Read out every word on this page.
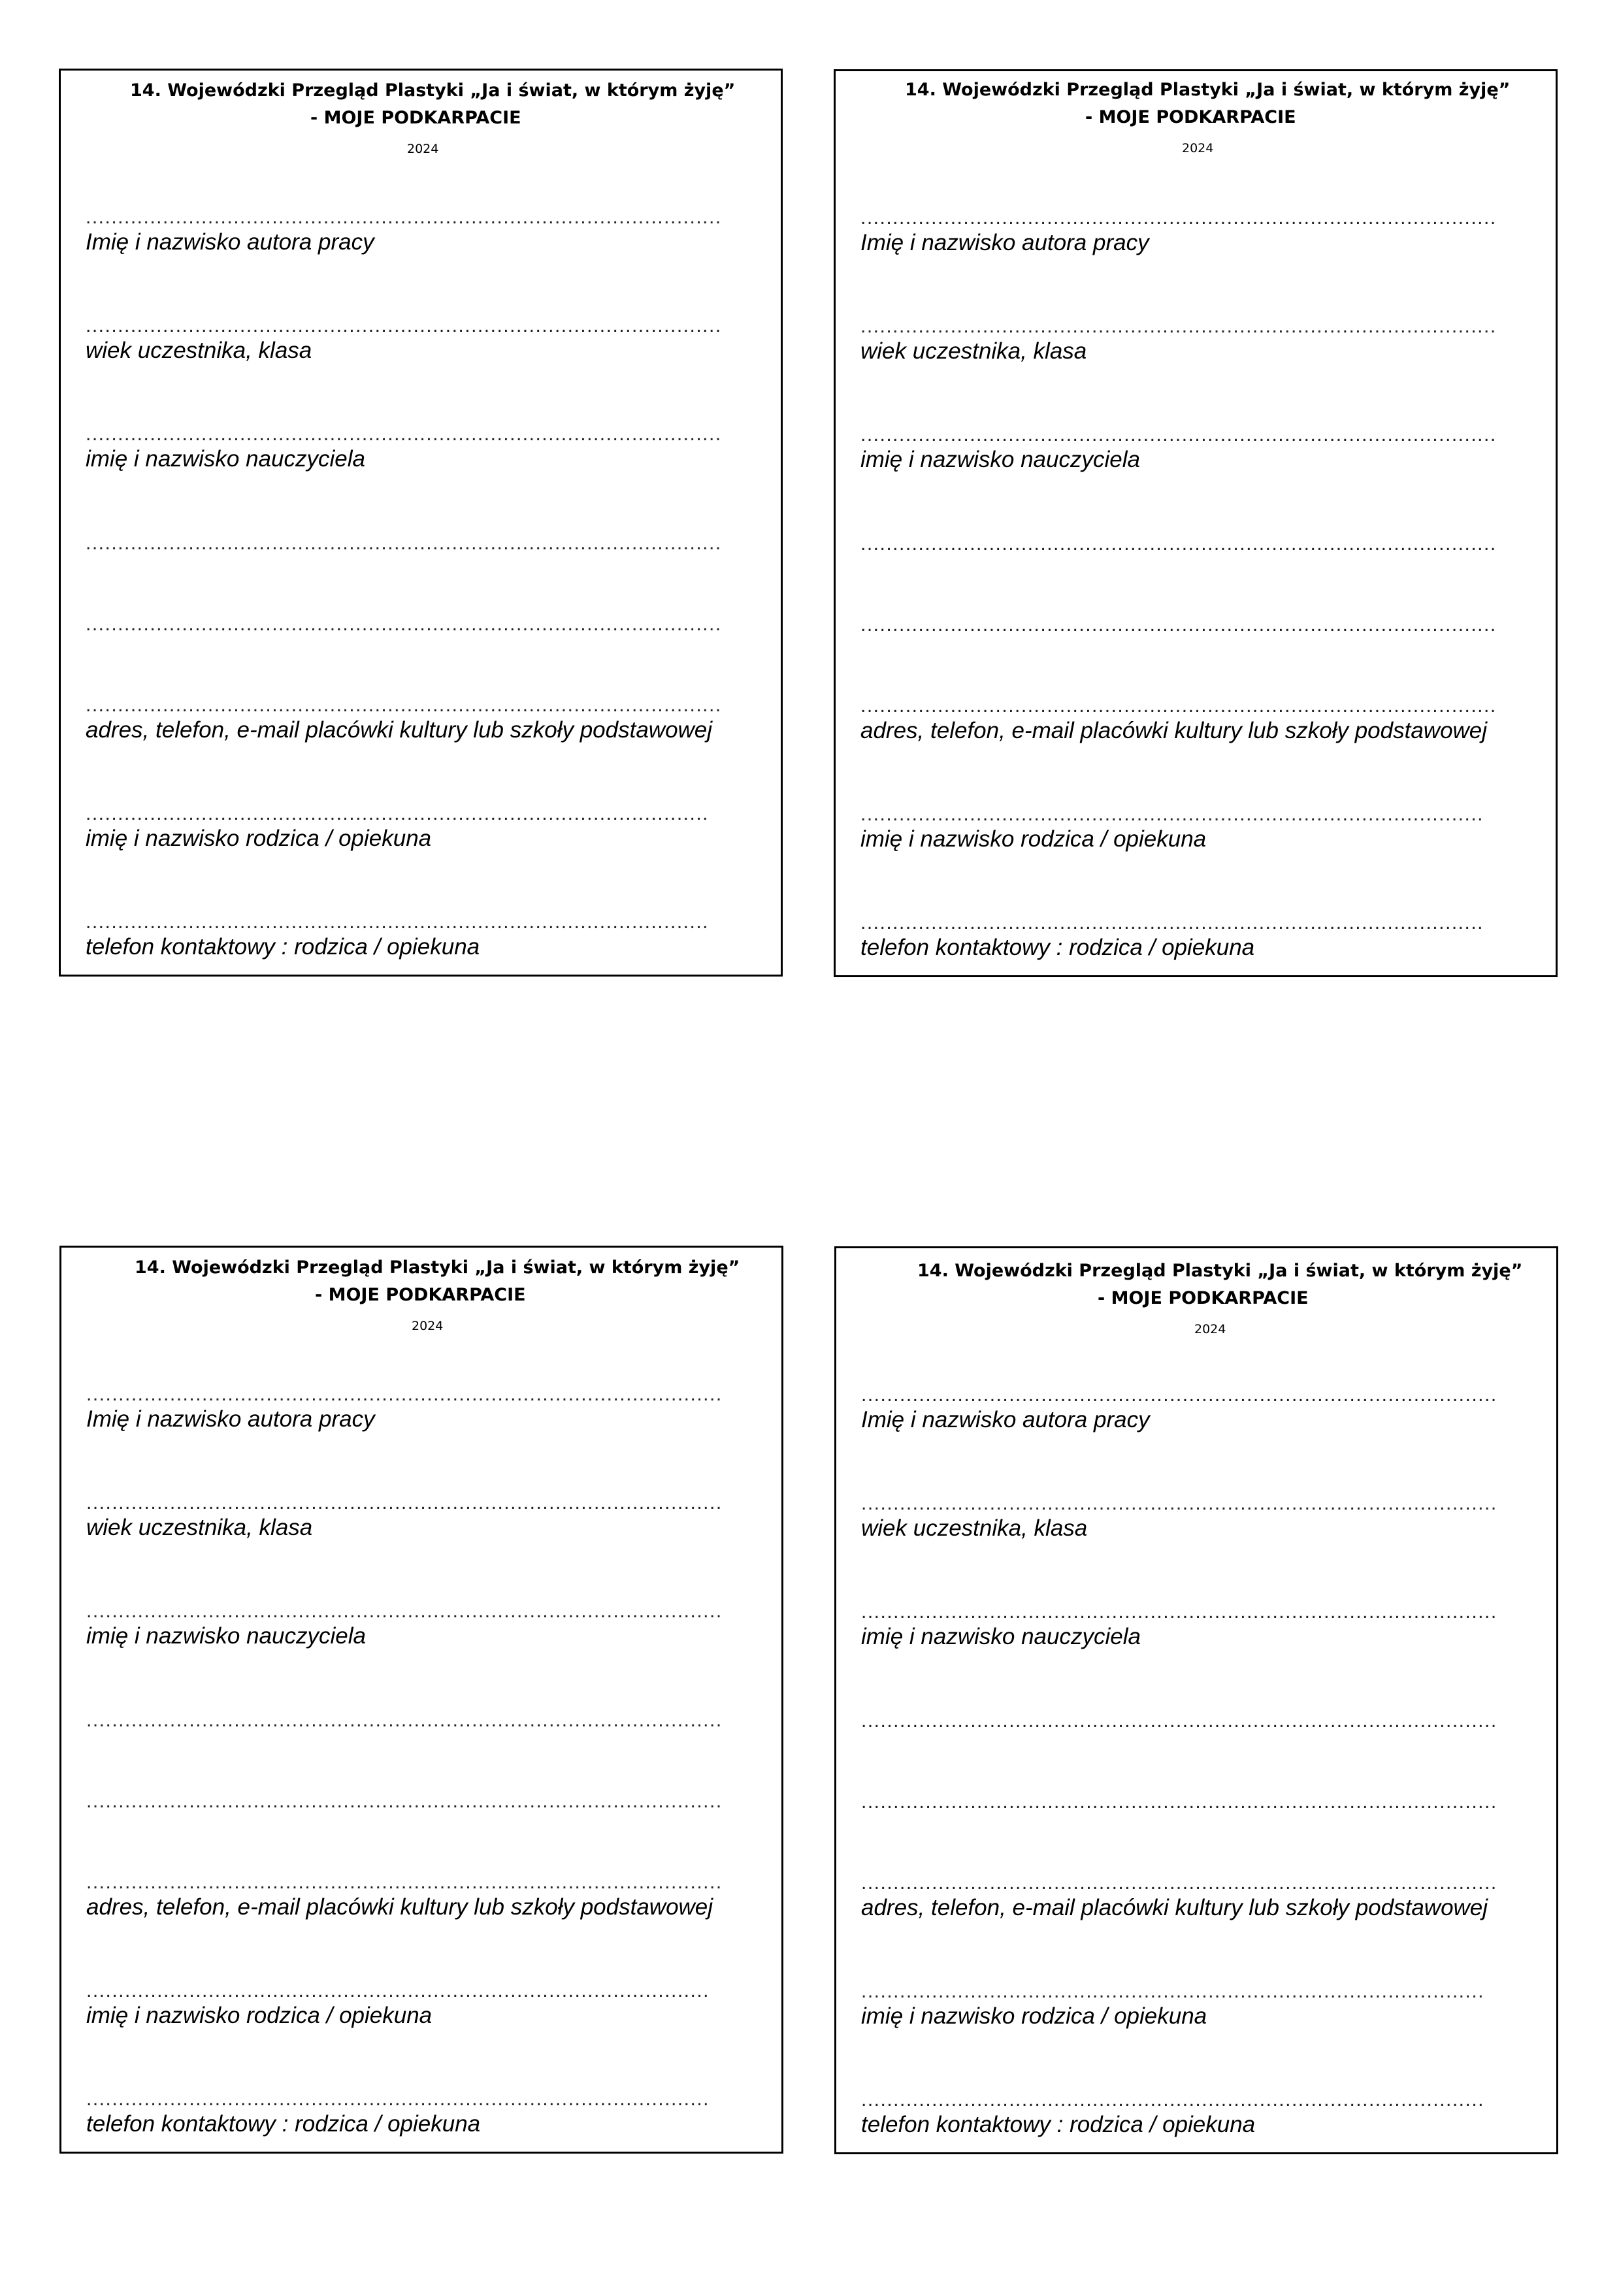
14. Wojewódzki Przegląd Plastyki „Ja i świat, w którym żyję”
- MOJE PODKARPACIE
2024
...................................................................................................
Imię i nazwisko autora pracy
...................................................................................................
wiek uczestnika, klasa
...................................................................................................
imię i nazwisko nauczyciela
...................................................................................................
...................................................................................................
...................................................................................................
adres, telefon, e-mail placówki kultury lub szkoły podstawowej
.................................................................................................
imię i nazwisko rodzica / opiekuna
.................................................................................................
telefon kontaktowy : rodzica / opiekuna
14. Wojewódzki Przegląd Plastyki „Ja i świat, w którym żyję”
- MOJE PODKARPACIE
2024
...................................................................................................
Imię i nazwisko autora pracy
...................................................................................................
wiek uczestnika, klasa
...................................................................................................
imię i nazwisko nauczyciela
...................................................................................................
...................................................................................................
...................................................................................................
adres, telefon, e-mail placówki kultury lub szkoły podstawowej
.................................................................................................
imię i nazwisko rodzica / opiekuna
.................................................................................................
telefon kontaktowy : rodzica / opiekuna
14. Wojewódzki Przegląd Plastyki „Ja i świat, w którym żyję”
- MOJE PODKARPACIE
2024
...................................................................................................
Imię i nazwisko autora pracy
...................................................................................................
wiek uczestnika, klasa
...................................................................................................
imię i nazwisko nauczyciela
...................................................................................................
...................................................................................................
...................................................................................................
adres, telefon, e-mail placówki kultury lub szkoły podstawowej
.................................................................................................
imię i nazwisko rodzica / opiekuna
.................................................................................................
telefon kontaktowy : rodzica / opiekuna
14. Wojewódzki Przegląd Plastyki „Ja i świat, w którym żyję”
- MOJE PODKARPACIE
2024
...................................................................................................
Imię i nazwisko autora pracy
...................................................................................................
wiek uczestnika, klasa
...................................................................................................
imię i nazwisko nauczyciela
...................................................................................................
...................................................................................................
...................................................................................................
adres, telefon, e-mail placówki kultury lub szkoły podstawowej
.................................................................................................
imię i nazwisko rodzica / opiekuna
.................................................................................................
telefon kontaktowy : rodzica / opiekuna
